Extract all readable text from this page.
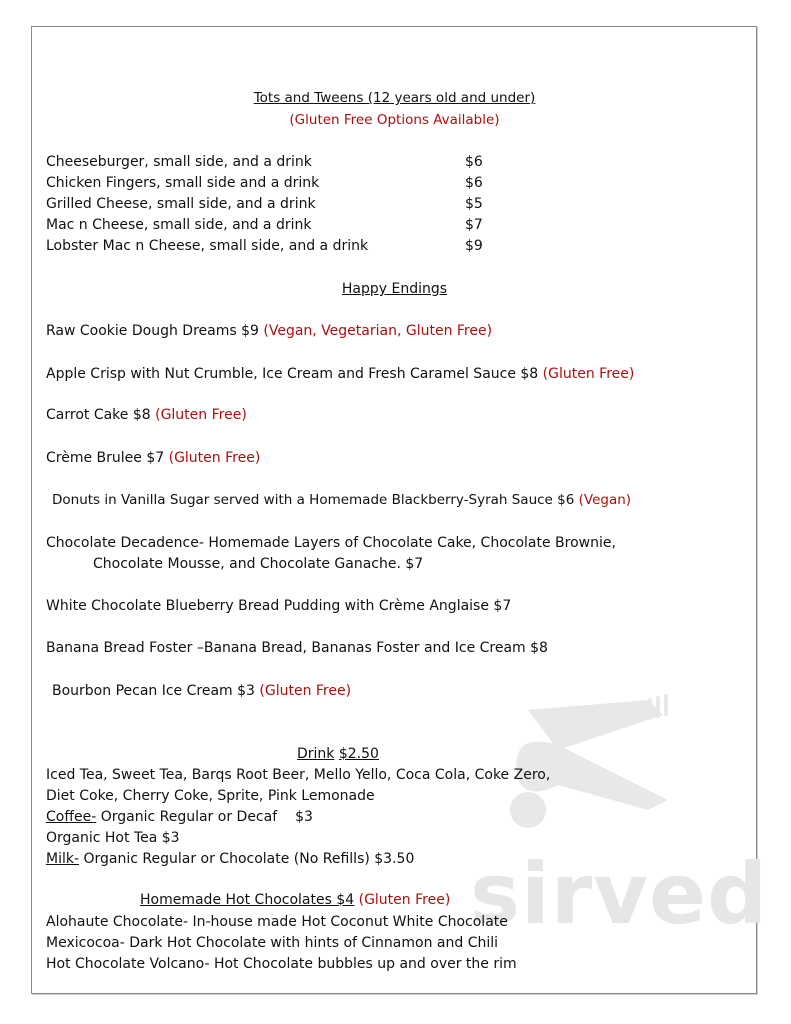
sirved
Tots and Tweens (12 years old and under)
(Gluten Free Options Available)
Cheeseburger, small side, and a drink	$6
Chicken Fingers, small side and a drink	$6
Grilled Cheese, small side, and a drink	$5
Mac n Cheese, small side, and a drink	$7
Lobster Mac n Cheese, small side, and a drink	$9
Happy Endings
Raw Cookie Dough Dreams $9 (Vegan, Vegetarian, Gluten Free)
Apple Crisp with Nut Crumble, Ice Cream and Fresh Caramel Sauce $8 (Gluten Free)
Carrot Cake $8 (Gluten Free)
Crème Brulee $7 (Gluten Free)
Donuts in Vanilla Sugar served with a Homemade Blackberry-Syrah Sauce $6 (Vegan)
Chocolate Decadence- Homemade Layers of Chocolate Cake, Chocolate Brownie,
Chocolate Mousse, and Chocolate Ganache. $7
White Chocolate Blueberry Bread Pudding with Crème Anglaise $7
Banana Bread Foster –Banana Bread, Bananas Foster and Ice Cream $8
Bourbon Pecan Ice Cream $3 (Gluten Free)
Drink $2.50
Iced Tea, Sweet Tea, Barqs Root Beer, Mello Yello, Coca Cola, Coke Zero,
Diet Coke, Cherry Coke, Sprite, Pink Lemonade
Coffee- Organic Regular or Decaf $3
Organic Hot Tea $3
Milk- Organic Regular or Chocolate (No Refills) $3.50
Homemade Hot Chocolates $4 (Gluten Free)
Alohaute Chocolate- In-house made Hot Coconut White Chocolate
Mexicocoa- Dark Hot Chocolate with hints of Cinnamon and Chili
Hot Chocolate Volcano- Hot Chocolate bubbles up and over the rim
